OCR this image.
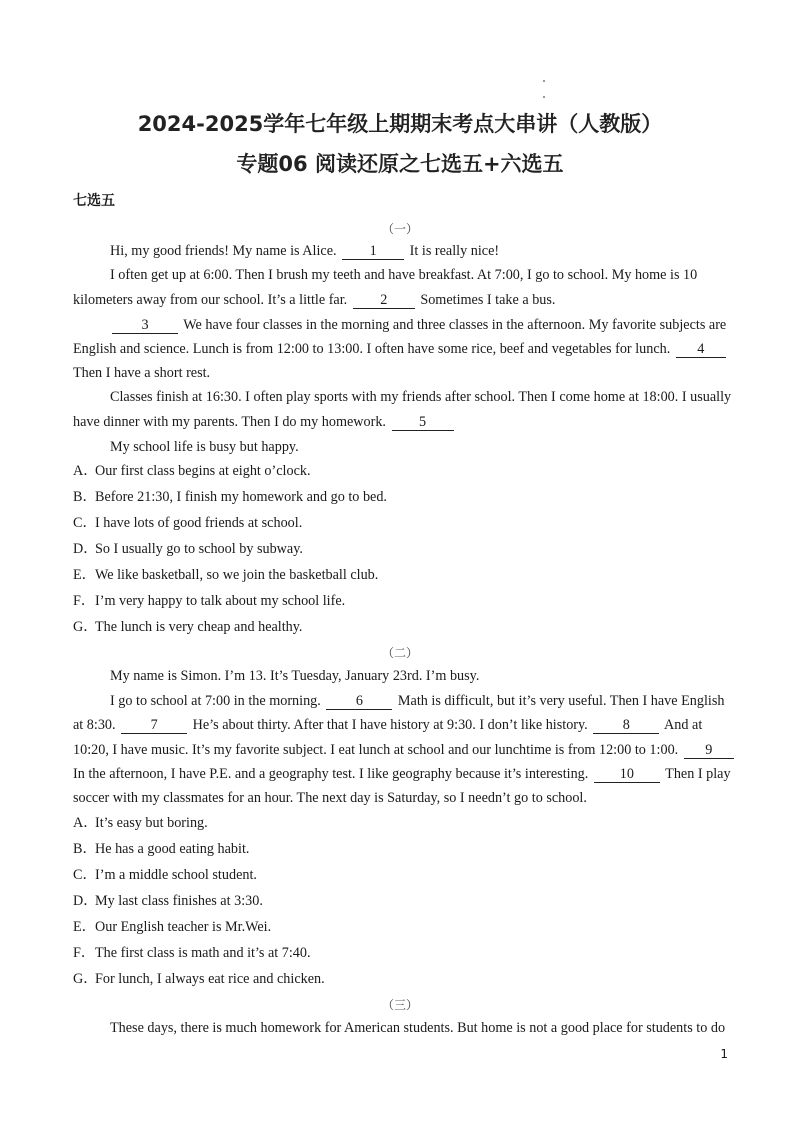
2024-2025学年七年级上期期末考点大串讲（人教版）
专题06 阅读还原之七选五+六选五
七选五
（一）
Hi, my good friends! My name is Alice. 1 It is really nice!
I often get up at 6:00. Then I brush my teeth and have breakfast. At 7:00, I go to school. My home is 10
kilometers away from our school. It’s a little far. 2 Sometimes I take a bus.
3 We have four classes in the morning and three classes in the afternoon. My favorite subjects are
English and science. Lunch is from 12:00 to 13:00. I often have some rice, beef and vegetables for lunch. 4
Then I have a short rest.
Classes finish at 16:30. I often play sports with my friends after school. Then I come home at 18:00. I usually
have dinner with my parents. Then I do my homework. 5
My school life is busy but happy.
A．Our first class begins at eight o’clock.
B．Before 21:30, I finish my homework and go to bed.
C．I have lots of good friends at school.
D．So I usually go to school by subway.
E．We like basketball, so we join the basketball club.
F．I’m very happy to talk about my school life.
G．The lunch is very cheap and healthy.
（二）
My name is Simon. I’m 13. It’s Tuesday, January 23rd. I’m busy.
I go to school at 7:00 in the morning. 6 Math is difficult, but it’s very useful. Then I have English
at 8:30. 7 He’s about thirty. After that I have history at 9:30. I don’t like history. 8 And at
10:20, I have music. It’s my favorite subject. I eat lunch at school and our lunchtime is from 12:00 to 1:00. 9
In the afternoon, I have P.E. and a geography test. I like geography because it’s interesting. 10 Then I play
soccer with my classmates for an hour. The next day is Saturday, so I needn’t go to school.
A．It’s easy but boring.
B．He has a good eating habit.
C．I’m a middle school student.
D．My last class finishes at 3:30.
E．Our English teacher is Mr.Wei.
F．The first class is math and it’s at 7:40.
G．For lunch, I always eat rice and chicken.
（三）
These days, there is much homework for American students. But home is not a good place for students to do
1
